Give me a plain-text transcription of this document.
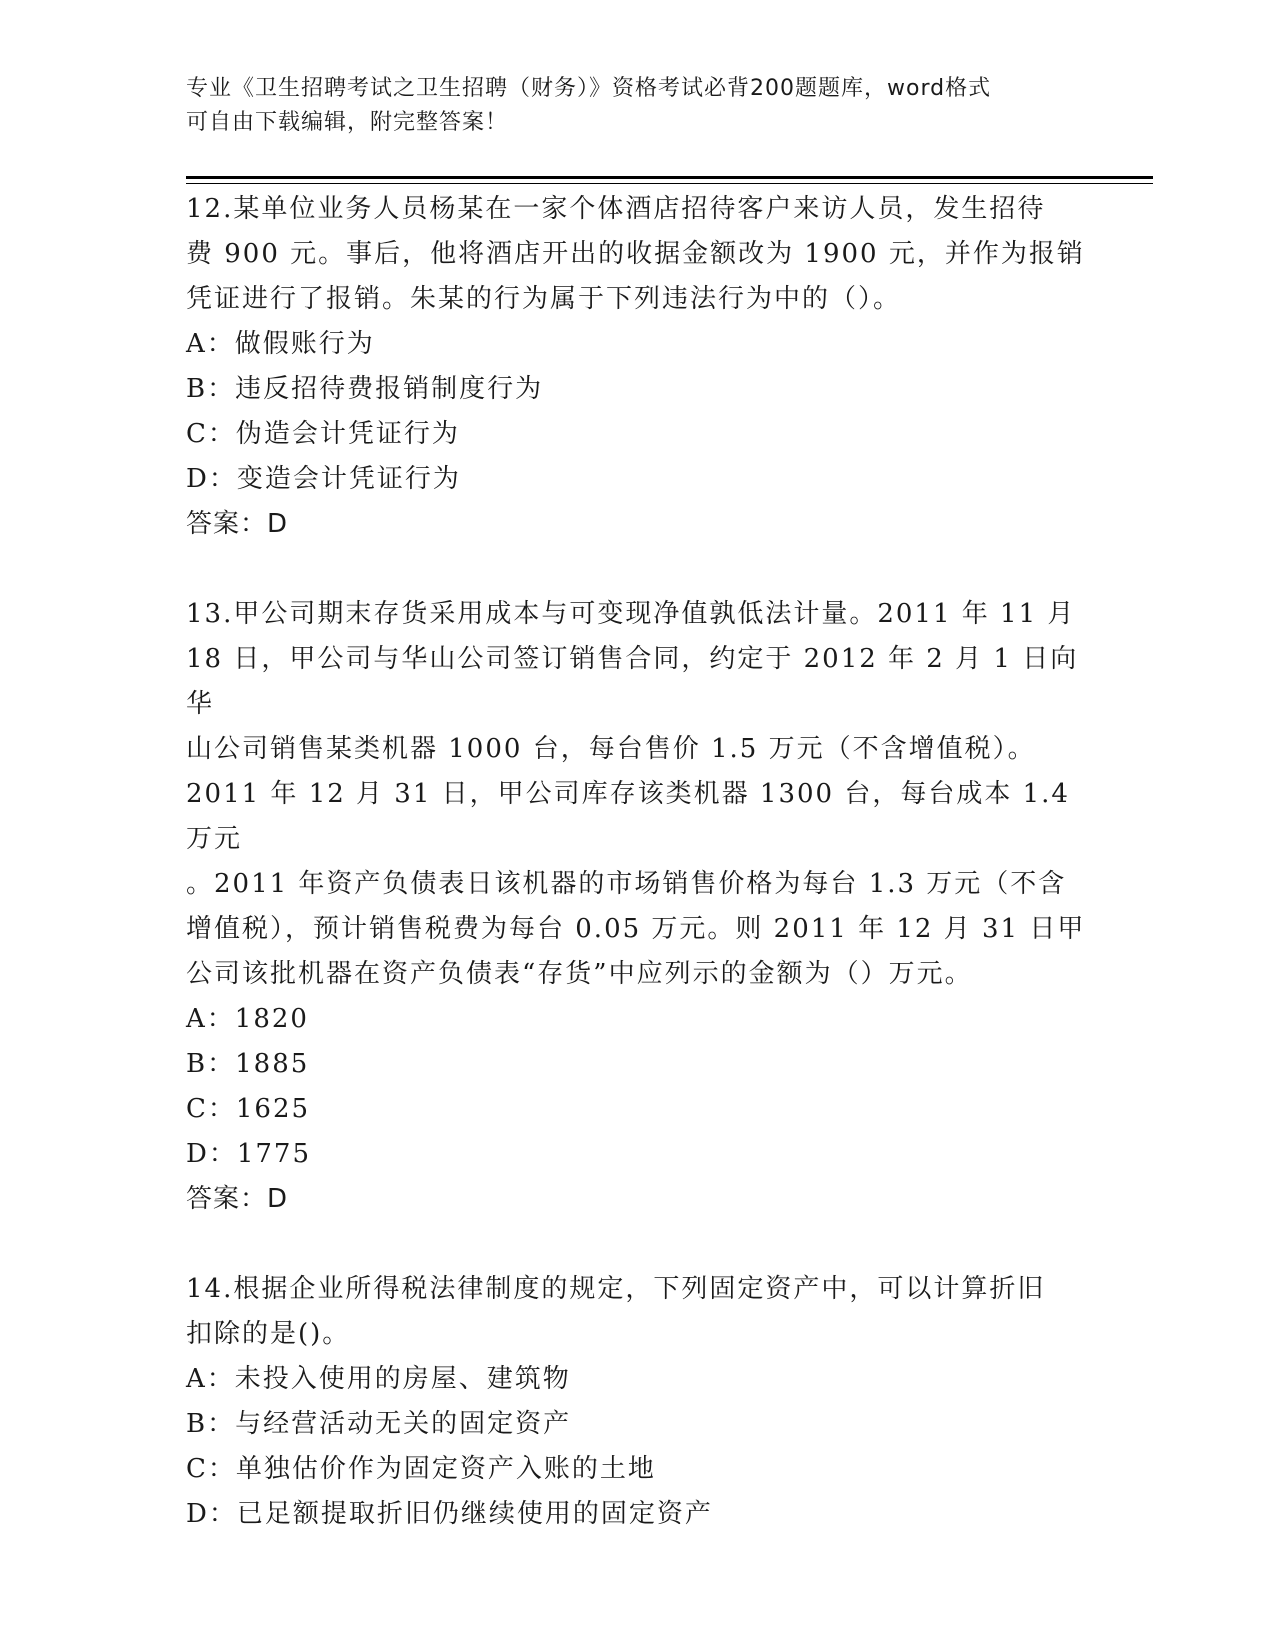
专业《卫生招聘考试之卫生招聘（财务）》资格考试必背200题题库，word格式
可自由下载编辑，附完整答案！
12.某单位业务人员杨某在一家个体酒店招待客户来访人员，发生招待
费 900 元。事后，他将酒店开出的收据金额改为 1900 元，并作为报销
凭证进行了报销。朱某的行为属于下列违法行为中的（）。
A：做假账行为
B：违反招待费报销制度行为
C：伪造会计凭证行为
D：变造会计凭证行为
答案：D
13.甲公司期末存货采用成本与可变现净值孰低法计量。2011 年 11 月
18 日，甲公司与华山公司签订销售合同，约定于 2012 年 2 月 1 日向华
山公司销售某类机器 1000 台，每台售价 1.5 万元（不含增值税）。
2011 年 12 月 31 日，甲公司库存该类机器 1300 台，每台成本 1.4 万元
。2011 年资产负债表日该机器的市场销售价格为每台 1.3 万元（不含
增值税），预计销售税费为每台 0.05 万元。则 2011 年 12 月 31 日甲
公司该批机器在资产负债表“存货”中应列示的金额为（）万元。
A：1820
B：1885
C：1625
D：1775
答案：D
14.根据企业所得税法律制度的规定，下列固定资产中，可以计算折旧
扣除的是()。
A：未投入使用的房屋、建筑物
B：与经营活动无关的固定资产
C：单独估价作为固定资产入账的土地
D：已足额提取折旧仍继续使用的固定资产
